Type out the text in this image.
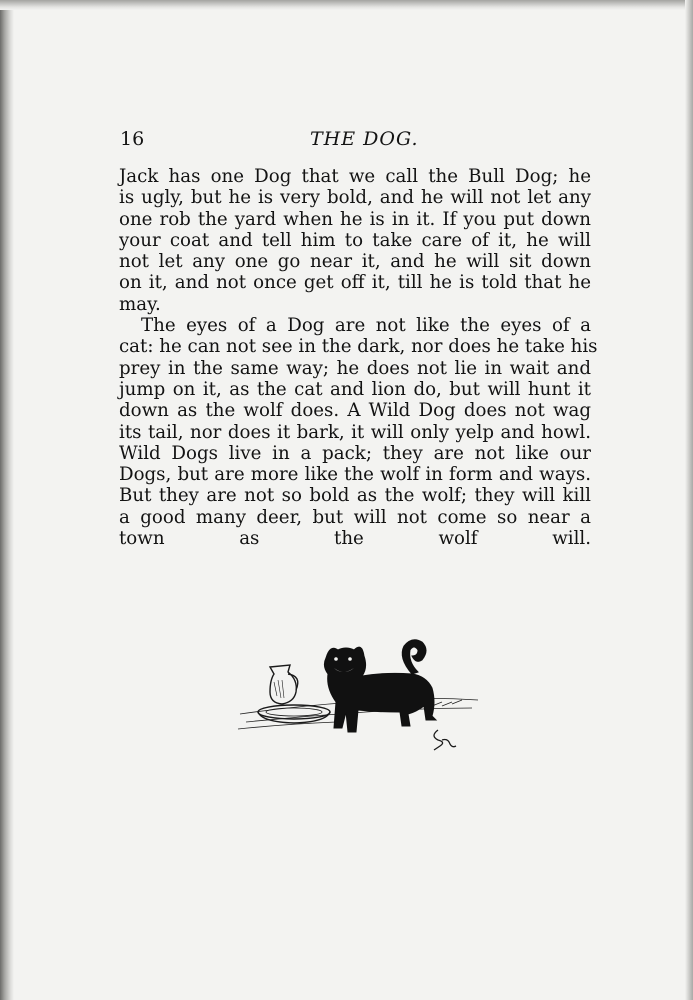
16	THE DOG.

Jack has one Dog that we call the Bull Dog; he
is ugly, but he is very bold, and he will not let any
one rob the yard when he is in it. If you put down
your coat and tell him to take care of it, he will
not let any one go near it, and he will sit down
on it, and not once get off it, till he is told that he
may.

The eyes of a Dog are not like the eyes of a
cat: he can not see in the dark, nor does he take his
prey in the same way; he does not lie in wait and
jump on it, as the cat and lion do, but will hunt it
down as the wolf does. A Wild Dog does not wag
its tail, nor does it bark, it will only yelp and howl.
Wild Dogs live in a pack; they are not like our
Dogs, but are more like the wolf in form and ways.
But they are not so bold as the wolf; they will kill
a good many deer, but will not come so near a
town as the wolf will.
